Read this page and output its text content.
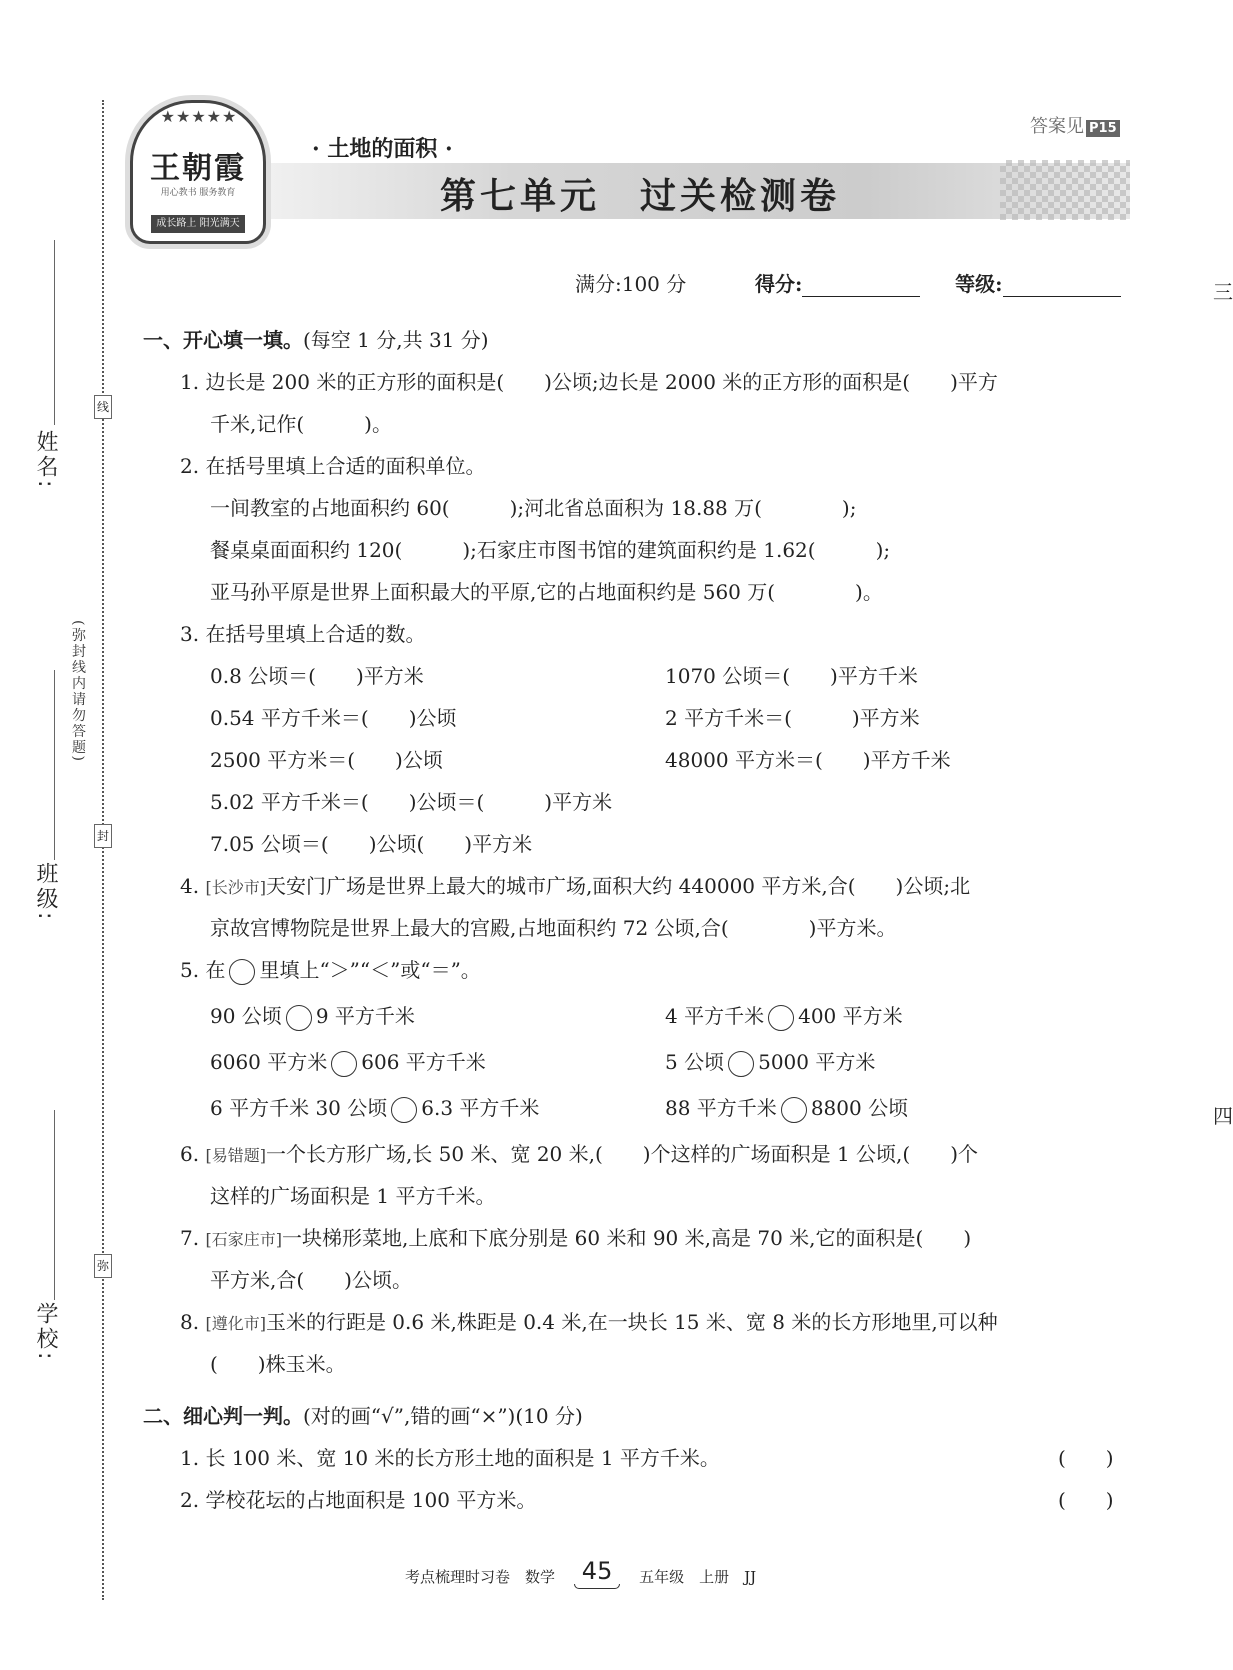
姓名:
班级:
学校:
(弥封线内请勿答题)
线
封
弥
★★★★★
王朝霞
用心教书 服务教育
成长路上 阳光满天
· 土地的面积 ·
第七单元　过关检测卷
答案见 P15
满分:100 分	得分:	等级:
一、开心填一填。(每空 1 分,共 31 分)
1. 边长是 200 米的正方形的面积是(　　)公顷;边长是 2000 米的正方形的面积是(　　)平方
千米,记作(　　　)。
2. 在括号里填上合适的面积单位。
一间教室的占地面积约 60(　　　);河北省总面积为 18.88 万(　　　　);
餐桌桌面面积约 120(　　　);石家庄市图书馆的建筑面积约是 1.62(　　　);
亚马孙平原是世界上面积最大的平原,它的占地面积约是 560 万(　　　　)。
3. 在括号里填上合适的数。
0.8 公顷＝(　　)平方米	1070 公顷＝(　　)平方千米
0.54 平方千米＝(　　)公顷	2 平方千米＝(　　　)平方米
2500 平方米＝(　　)公顷	48000 平方米＝(　　)平方千米
5.02 平方千米＝(　　)公顷＝(　　　)平方米
7.05 公顷＝(　　)公顷(　　)平方米
4. [长沙市]天安门广场是世界上最大的城市广场,面积大约 440000 平方米,合(　　)公顷;北
京故宫博物院是世界上最大的宫殿,占地面积约 72 公顷,合(　　　　)平方米。
5. 在 里填上“＞”“＜”或“＝”。
90 公顷 9 平方千米	4 平方千米 400 平方米
6060 平方米 606 平方千米	5 公顷 5000 平方米
6 平方千米 30 公顷 6.3 平方千米	88 平方千米 8800 公顷
6. [易错题]一个长方形广场,长 50 米、宽 20 米,(　　)个这样的广场面积是 1 公顷,(　　)个
这样的广场面积是 1 平方千米。
7. [石家庄市]一块梯形菜地,上底和下底分别是 60 米和 90 米,高是 70 米,它的面积是(　　)
平方米,合(　　)公顷。
8. [遵化市]玉米的行距是 0.6 米,株距是 0.4 米,在一块长 15 米、宽 8 米的长方形地里,可以种
(　　)株玉米。
二、细心判一判。(对的画“√”,错的画“×”)(10 分)
1. 长 100 米、宽 10 米的长方形土地的面积是 1 平方千米。	(　　)
2. 学校花坛的占地面积是 100 平方米。	(　　)
考点梳理时习卷　数学 45 五年级　上册　JJ
三
四
